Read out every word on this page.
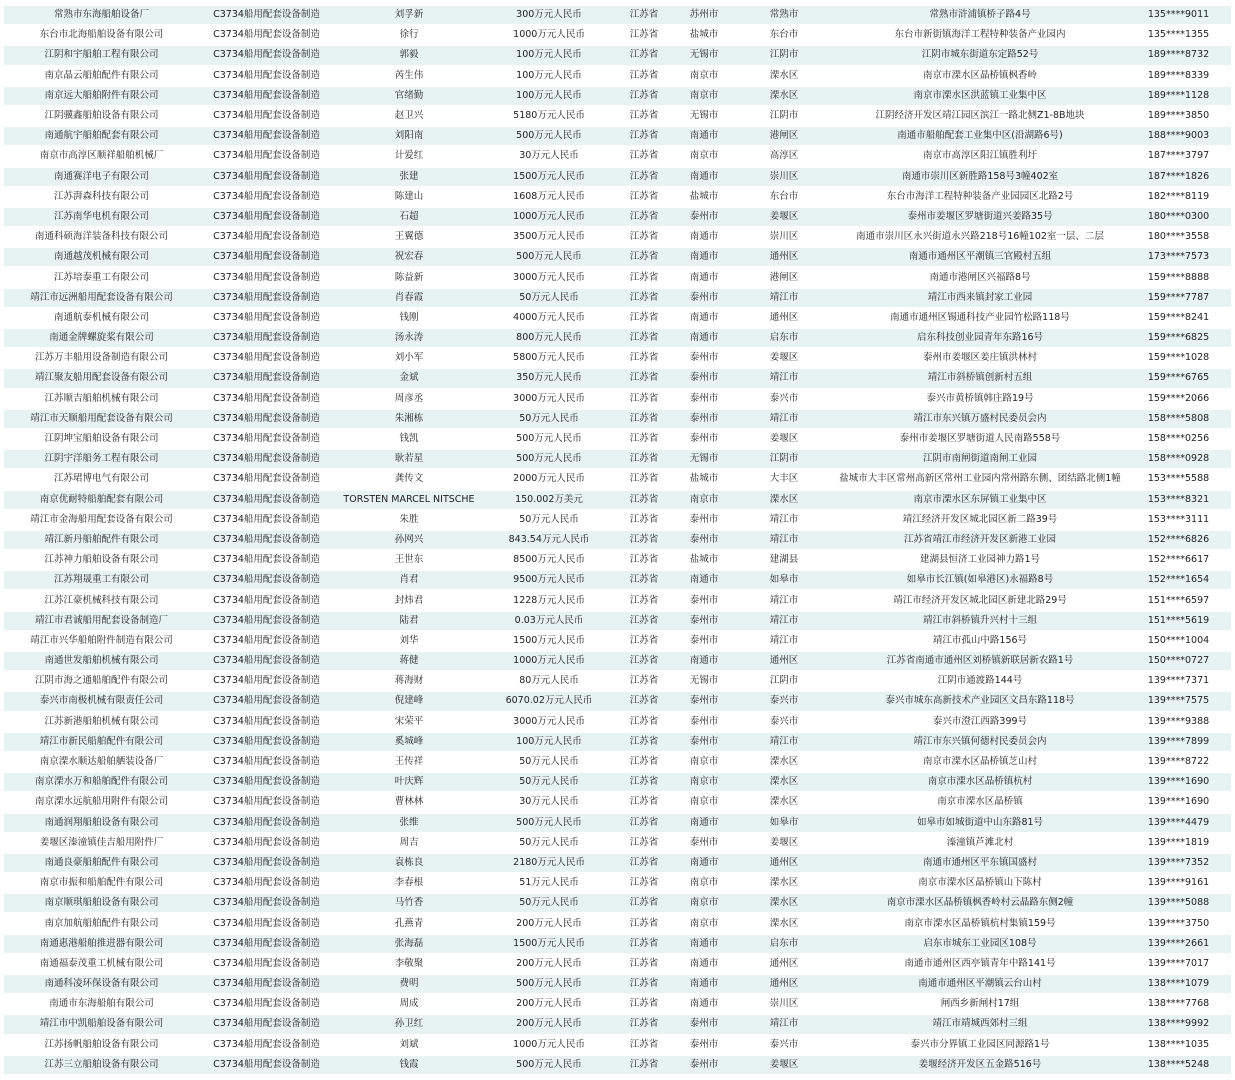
常熟市东海船舶设备厂	C3734船用配套设备制造	刘孚新	300万元人民币	江苏省	苏州市	常熟市	常熟市浒浦镇桥子路4号	135****9011
东台市北海船舶设备有限公司	C3734船用配套设备制造	徐行	1000万元人民币	江苏省	盐城市	东台市	东台市新街镇海洋工程特种装备产业园内	135****1355
江阴和宇船舶工程有限公司	C3734船用配套设备制造	郭毅	100万元人民币	江苏省	无锡市	江阴市	江阴市城东街道东定路52号	189****8732
南京晶云船舶配件有限公司	C3734船用配套设备制造	芮生伟	100万元人民币	江苏省	南京市	溧水区	南京市溧水区晶桥镇枫香岭	189****8339
南京远大船舶附件有限公司	C3734船用配套设备制造	官绪勤	100万元人民币	江苏省	南京市	溧水区	南京市溧水区洪蓝镇工业集中区	189****1128
江阴骥鑫船舶设备有限公司	C3734船用配套设备制造	赵卫兴	5180万元人民币	江苏省	无锡市	江阴市	江阴经济开发区靖江园区滨江一路北侧Z1-8B地块	189****3850
南通航宇船舶配套有限公司	C3734船用配套设备制造	刘阳南	500万元人民币	江苏省	南通市	港闸区	南通市船舶配套工业集中区(沿湖路6号)	188****9003
南京市高淳区顺祥船舶机械厂	C3734船用配套设备制造	计爱红	30万元人民币	江苏省	南京市	高淳区	南京市高淳区阳江镇胜利圩	187****3797
南通赛洋电子有限公司	C3734船用配套设备制造	张建	1500万元人民币	江苏省	南通市	崇川区	南通市崇川区新胜路158号3幢402室	187****1826
江苏湃森科技有限公司	C3734船用配套设备制造	陈建山	1608万元人民币	江苏省	盐城市	东台市	东台市海洋工程特种装备产业园园区北路2号	182****8119
江苏南华电机有限公司	C3734船用配套设备制造	石超	1000万元人民币	江苏省	泰州市	姜堰区	泰州市姜堰区罗塘街道兴姜路35号	180****0300
南通科硕海洋装备科技有限公司	C3734船用配套设备制造	王翼德	3500万元人民币	江苏省	南通市	崇川区	南通市崇川区永兴街道永兴路218号16幢102室一层、二层	180****3558
南通越茂机械有限公司	C3734船用配套设备制造	祝宏春	500万元人民币	江苏省	南通市	通州区	南通市通州区平潮镇三官殿村五组	173****7573
江苏培泰重工有限公司	C3734船用配套设备制造	陈益新	3000万元人民币	江苏省	南通市	港闸区	南通市港闸区兴福路8号	159****8888
靖江市远洲船用配套设备有限公司	C3734船用配套设备制造	肖春霞	50万元人民币	江苏省	泰州市	靖江市	靖江市西来镇封家工业园	159****7787
南通航泰机械有限公司	C3734船用配套设备制造	钱刚	4000万元人民币	江苏省	南通市	通州区	南通市通州区锡通科技产业园竹松路118号	159****8241
南通金牌螺旋桨有限公司	C3734船用配套设备制造	汤永涛	800万元人民币	江苏省	南通市	启东市	启东科技创业园青年东路16号	159****6825
江苏万丰船用设备制造有限公司	C3734船用配套设备制造	刘小军	5800万元人民币	江苏省	泰州市	姜堰区	泰州市姜堰区姜庄镇洪林村	159****1028
靖江聚友船用配套设备有限公司	C3734船用配套设备制造	金斌	350万元人民币	江苏省	泰州市	靖江市	靖江市斜桥镇创新村五组	159****6765
江苏顺吉船舶机械有限公司	C3734船用配套设备制造	周彦丞	3000万元人民币	江苏省	泰州市	泰兴市	泰兴市黄桥镇韩庄路19号	159****2066
靖江市天顺船用配套设备有限公司	C3734船用配套设备制造	朱湘栋	50万元人民币	江苏省	泰州市	靖江市	靖江市东兴镇万盛村民委员会内	158****5808
江阴坤宝船舶设备有限公司	C3734船用配套设备制造	钱凯	500万元人民币	江苏省	泰州市	姜堰区	泰州市姜堰区罗塘街道人民南路558号	158****0256
江阴宇洋船务工程有限公司	C3734船用配套设备制造	耿若星	500万元人民币	江苏省	无锡市	江阴市	江阴市南闸街道南闸工业园	158****0928
江苏珺博电气有限公司	C3734船用配套设备制造	龚传文	2000万元人民币	江苏省	盐城市	大丰区	盐城市大丰区常州高新区常州工业园内常州路东侧、团结路北侧1幢	153****5588
南京优耐特船舶配套有限公司	C3734船用配套设备制造	TORSTEN MARCEL NITSCHE	150.002万美元	江苏省	南京市	溧水区	南京市溧水区东屏镇工业集中区	153****8321
靖江市金海船用配套设备有限公司	C3734船用配套设备制造	朱胜	50万元人民币	江苏省	泰州市	靖江市	靖江经济开发区城北园区新二路39号	153****3111
靖江新丹船舶配件有限公司	C3734船用配套设备制造	孙网兴	843.54万元人民币	江苏省	泰州市	靖江市	江苏省靖江市经济开发区新港工业园	152****6826
江苏神力船舶设备有限公司	C3734船用配套设备制造	王世东	8500万元人民币	江苏省	盐城市	建湖县	建湖县恒济工业园神力路1号	152****6617
江苏翔晟重工有限公司	C3734船用配套设备制造	肖君	9500万元人民币	江苏省	南通市	如皋市	如皋市长江镇(如皋港区)永福路8号	152****1654
江苏江豪机械科技有限公司	C3734船用配套设备制造	封炜君	1228万元人民币	江苏省	泰州市	靖江市	靖江市经济开发区城北园区新建北路29号	151****6597
靖江市君诚船用配套设备制造厂	C3734船用配套设备制造	陆君	0.03万元人民币	江苏省	泰州市	靖江市	靖江市斜桥镇升兴村十三组	151****5619
靖江市兴华船舶附件制造有限公司	C3734船用配套设备制造	刘华	1500万元人民币	江苏省	泰州市	靖江市	靖江市孤山中路156号	150****1004
南通世发船舶机械有限公司	C3734船用配套设备制造	蒋健	1000万元人民币	江苏省	南通市	通州区	江苏省南通市通州区刘桥镇新联居新农路1号	150****0727
江阴市海之通船舶配件有限公司	C3734船用配套设备制造	蒋海财	80万元人民币	江苏省	无锡市	江阴市	江阴市通渡路144号	139****7371
泰兴市南极机械有限责任公司	C3734船用配套设备制造	倪建峰	6070.02万元人民币	江苏省	泰州市	泰兴市	泰兴市城东高新技术产业园区文昌东路118号	139****7575
江苏新港船舶机械有限公司	C3734船用配套设备制造	宋荣平	3000万元人民币	江苏省	泰州市	泰兴市	泰兴市澄江西路399号	139****9388
靖江市新民船舶配件有限公司	C3734船用配套设备制造	奚城峰	100万元人民币	江苏省	泰州市	靖江市	靖江市东兴镇何德村民委员会内	139****7899
南京溧水顺达船舶舾装设备厂	C3734船用配套设备制造	王传祥	50万元人民币	江苏省	南京市	溧水区	南京市溧水区晶桥镇芝山村	139****8722
南京溧水万和船舶配件有限公司	C3734船用配套设备制造	叶庆辉	50万元人民币	江苏省	南京市	溧水区	南京市溧水区晶桥镇杭村	139****1690
南京溧水远航船用附件有限公司	C3734船用配套设备制造	曹林林	30万元人民币	江苏省	南京市	溧水区	南京市溧水区晶桥镇	139****1690
南通润翔船舶设备有限公司	C3734船用配套设备制造	张维	500万元人民币	江苏省	南通市	如皋市	如皋市如城街道中山东路81号	139****4479
姜堰区溱潼镇佳吉船用附件厂	C3734船用配套设备制造	周吉	50万元人民币	江苏省	泰州市	姜堰区	溱潼镇芦滩北村	139****1819
南通良豪船舶配件有限公司	C3734船用配套设备制造	袁栋良	2180万元人民币	江苏省	南通市	通州区	南通市通州区平东镇国盛村	139****7352
南京市振和船舶配件有限公司	C3734船用配套设备制造	李春根	51万元人民币	江苏省	南京市	溧水区	南京市溧水区晶桥镇山下陈村	139****9161
南京顺琪船舶设备有限公司	C3734船用配套设备制造	马竹香	50万元人民币	江苏省	南京市	溧水区	南京市溧水区晶桥镇枫香岭村云晶路东侧2幢	139****5088
南京加航船舶配件有限公司	C3734船用配套设备制造	孔燕青	200万元人民币	江苏省	南京市	溧水区	南京市溧水区晶桥镇杭村集镇159号	139****3750
南通惠港船舶推进器有限公司	C3734船用配套设备制造	张海磊	1500万元人民币	江苏省	南通市	启东市	启东市城东工业园区108号	139****2661
南通福泰茂重工机械有限公司	C3734船用配套设备制造	李敬聚	200万元人民币	江苏省	南通市	通州区	南通市通州区西亭镇青年中路141号	139****7017
南通科凌环保设备有限公司	C3734船用配套设备制造	费明	500万元人民币	江苏省	南通市	通州区	南通市通州区平潮镇云台山村	138****1079
南通市东海船舶有限公司	C3734船用配套设备制造	周成	200万元人民币	江苏省	南通市	崇川区	闸西乡新闸村17组	138****7768
靖江市中凯船舶设备有限公司	C3734船用配套设备制造	孙卫红	200万元人民币	江苏省	泰州市	靖江市	靖江市靖城西郊村三组	138****9992
江苏扬帆船舶设备有限公司	C3734船用配套设备制造	刘斌	1000万元人民币	江苏省	泰州市	泰兴市	泰兴市分界镇工业园区同源路1号	138****1035
江苏三立船舶设备有限公司	C3734船用配套设备制造	钱霞	500万元人民币	江苏省	泰州市	姜堰区	姜堰经济开发区五金路516号	138****5248
